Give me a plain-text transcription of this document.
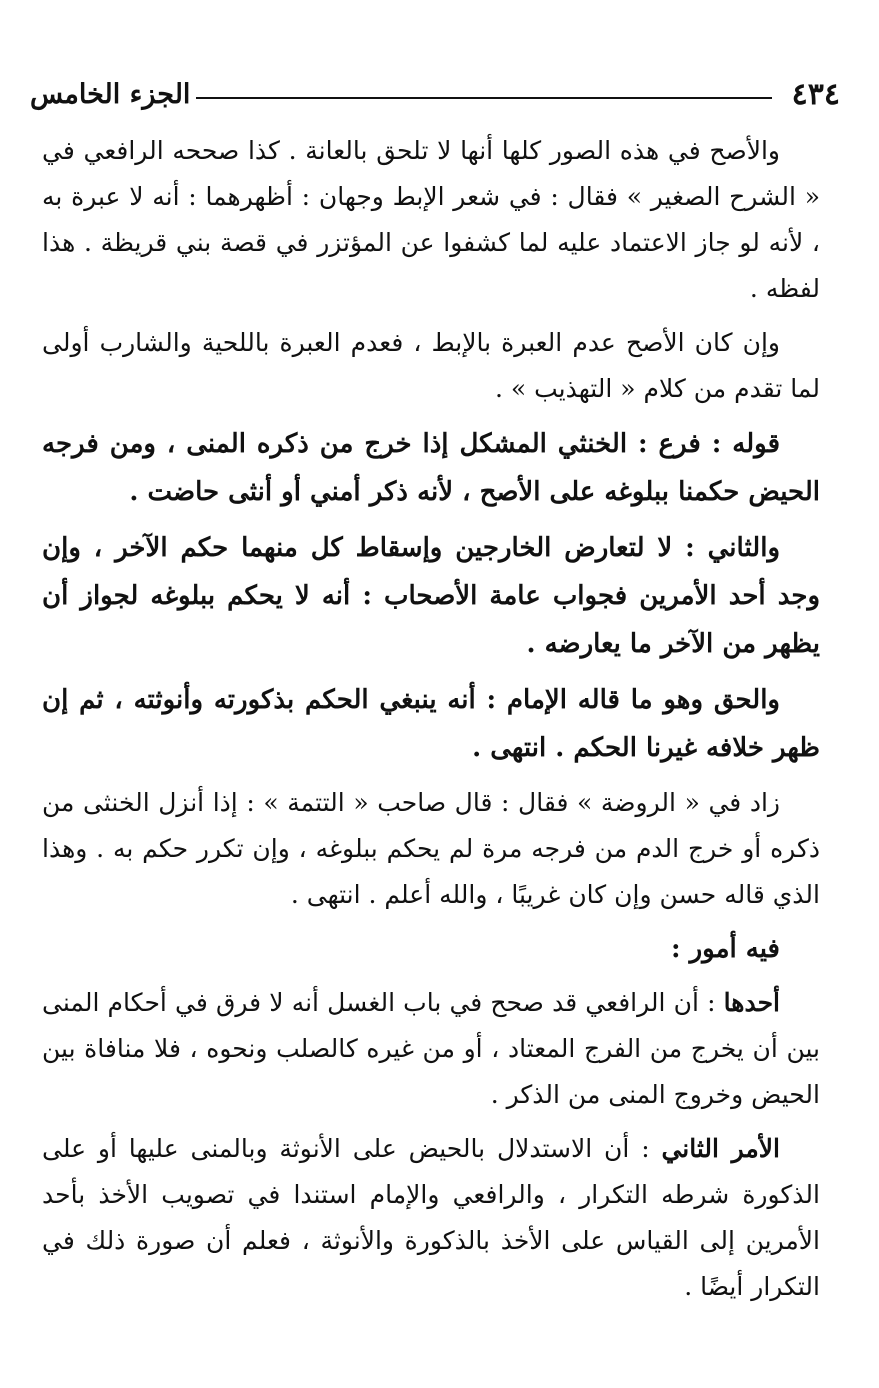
٤٣٤
الجزء الخامس

والأصح في هذه الصور كلها أنها لا تلحق بالعانة . كذا صححه الرافعي في « الشرح الصغير » فقال : في شعر الإبط وجهان : أظهرهما : أنه لا عبرة به ، لأنه لو جاز الاعتماد عليه لما كشفوا عن المؤتزر في قصة بني قريظة . هذا لفظه .

وإن كان الأصح عدم العبرة بالإبط ، فعدم العبرة باللحية والشارب أولى لما تقدم من كلام « التهذيب » .

قوله : فرع : الخنثي المشكل إذا خرج من ذكره المنى ، ومن فرجه الحيض حكمنا ببلوغه على الأصح ، لأنه ذكر أمني أو أنثى حاضت .

والثاني : لا لتعارض الخارجين وإسقاط كل منهما حكم الآخر ، وإن وجد أحد الأمرين فجواب عامة الأصحاب : أنه لا يحكم ببلوغه لجواز أن يظهر من الآخر ما يعارضه .

والحق وهو ما قاله الإمام : أنه ينبغي الحكم بذكورته وأنوثته ، ثم إن ظهر خلافه غيرنا الحكم . انتهى .

زاد في « الروضة » فقال : قال صاحب « التتمة » : إذا أنزل الخنثى من ذكره أو خرج الدم من فرجه مرة لم يحكم ببلوغه ، وإن تكرر حكم به . وهذا الذي قاله حسن وإن كان غريبًا ، والله أعلم . انتهى .

فيه أمور :

أحدها : أن الرافعي قد صحح في باب الغسل أنه لا فرق في أحكام المنى بين أن يخرج من الفرج المعتاد ، أو من غيره كالصلب ونحوه ، فلا منافاة بين الحيض وخروج المنى من الذكر .

الأمر الثاني : أن الاستدلال بالحيض على الأنوثة وبالمنى عليها أو على الذكورة شرطه التكرار ، والرافعي والإمام استندا في تصويب الأخذ بأحد الأمرين إلى القياس على الأخذ بالذكورة والأنوثة ، فعلم أن صورة ذلك في التكرار أيضًا .
